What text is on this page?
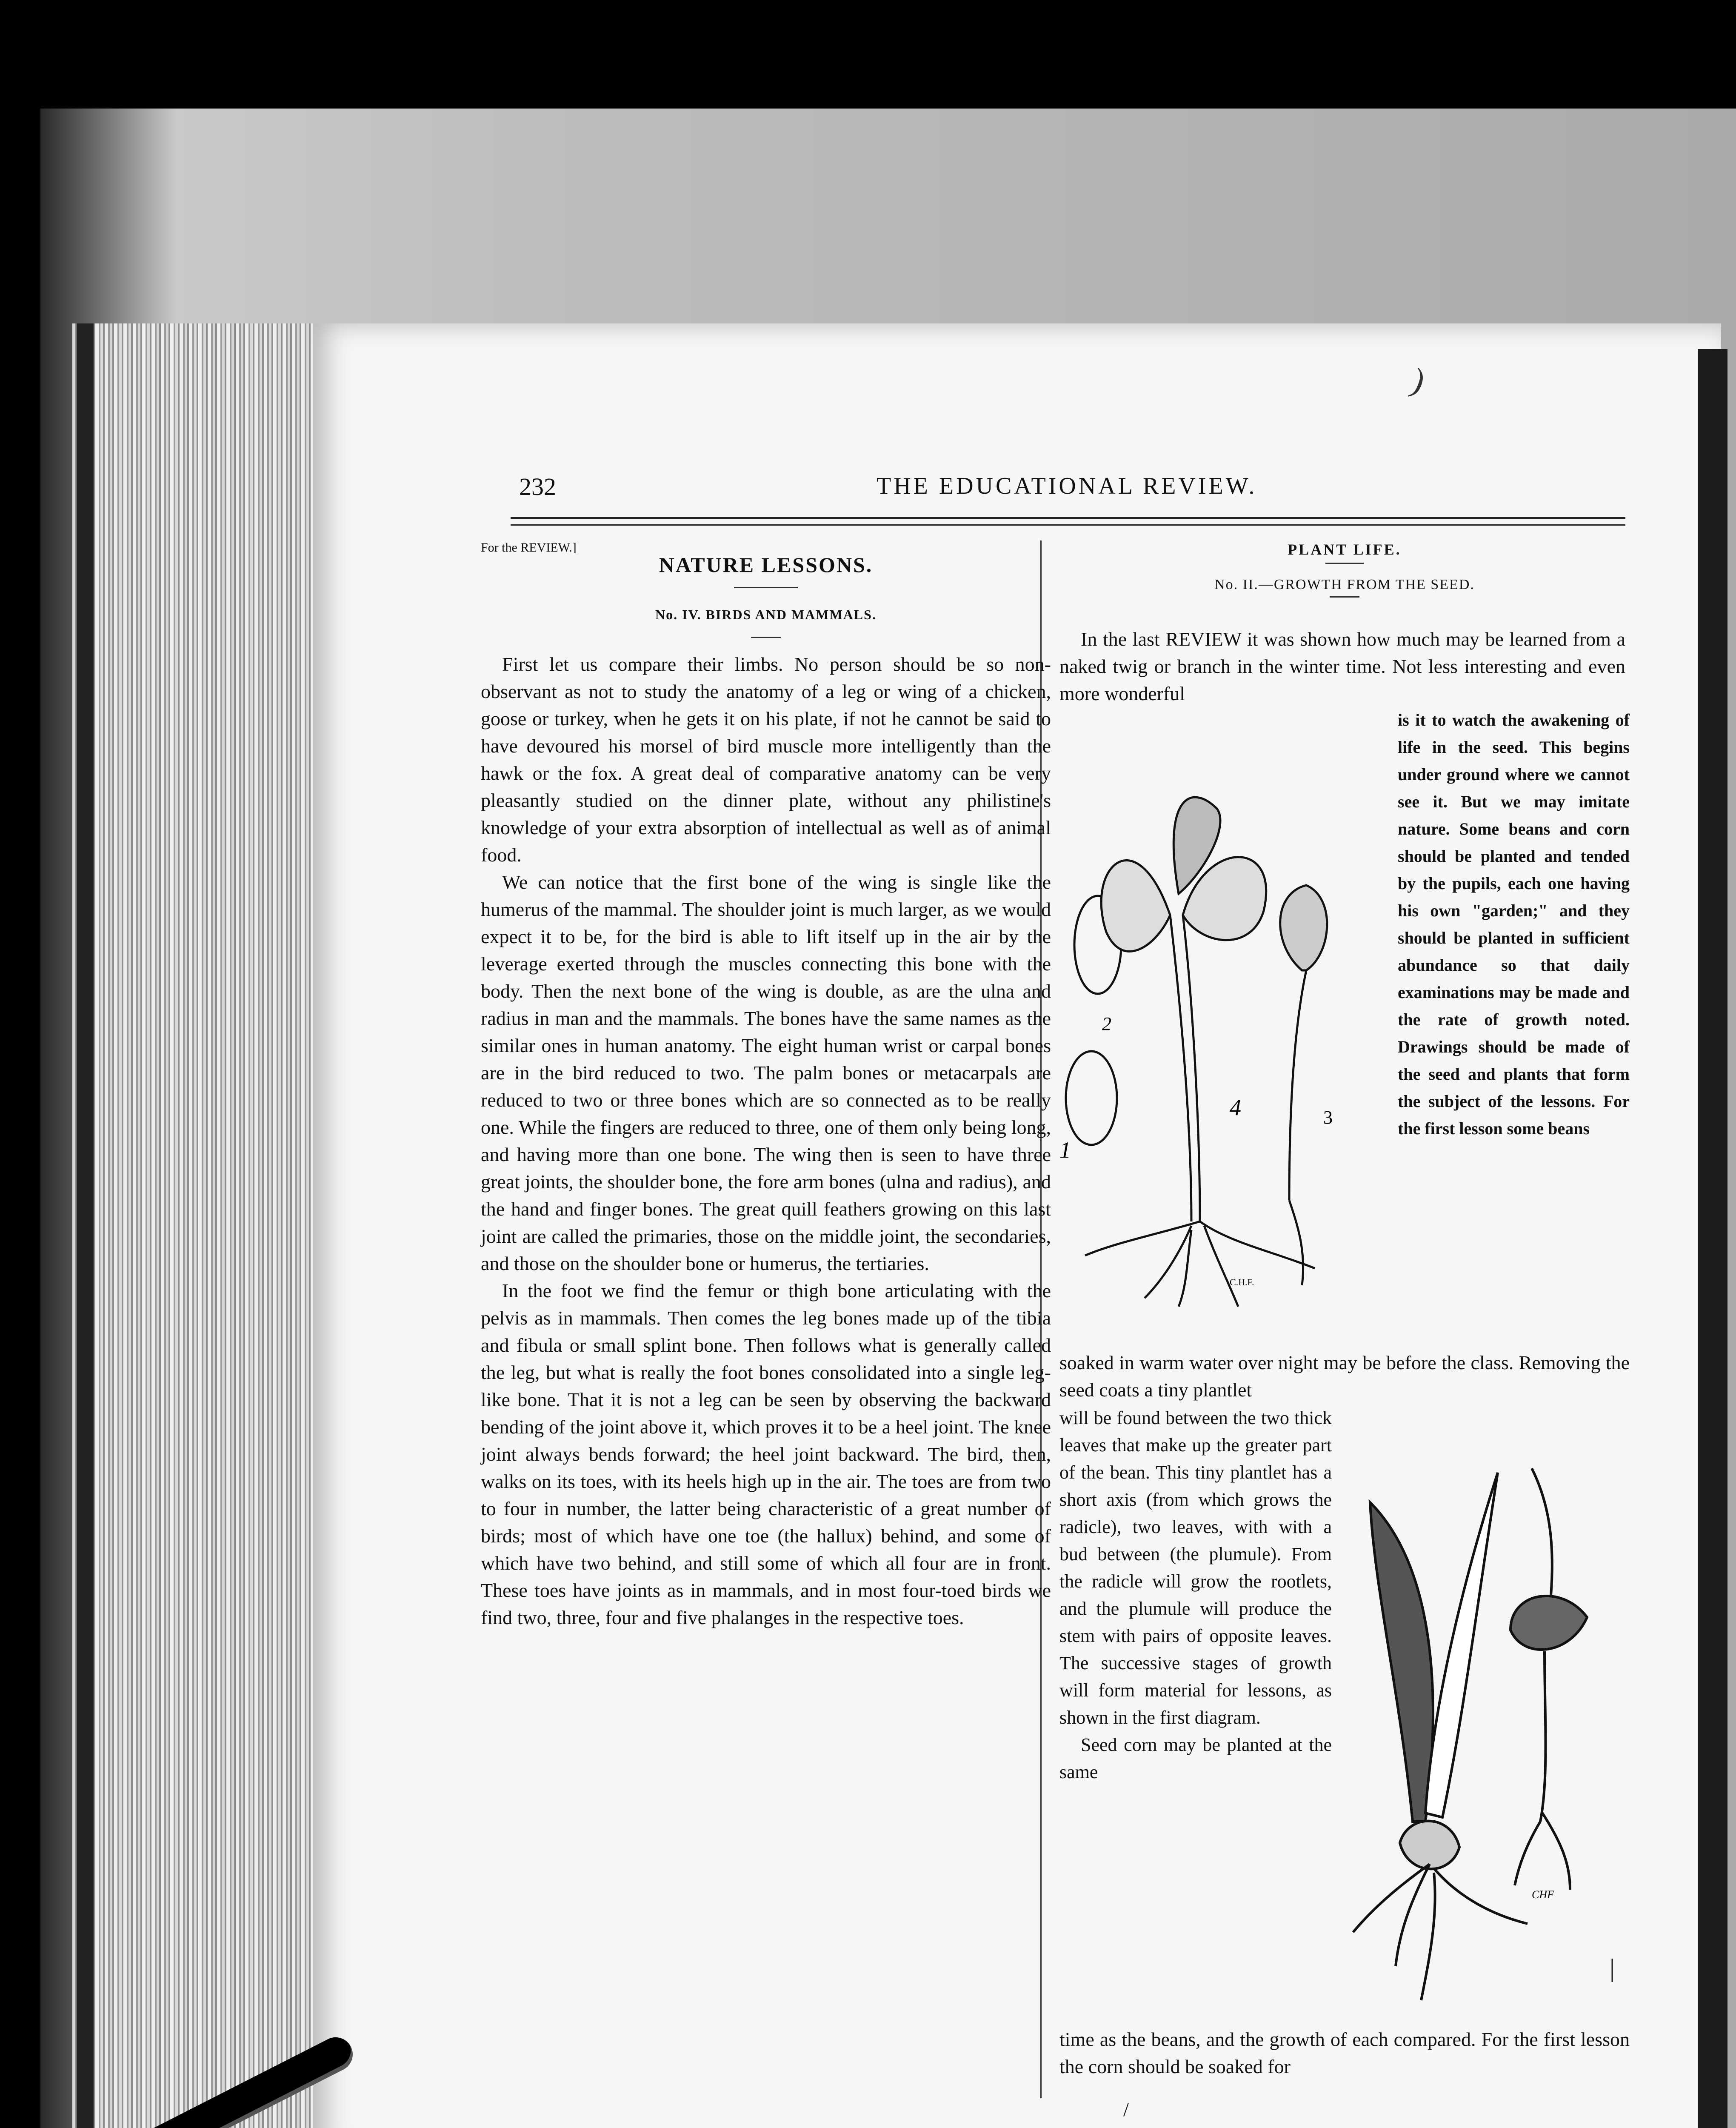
)
232	THE EDUCATIONAL REVIEW.
For the REVIEW.]
NATURE LESSONS.
No. IV. BIRDS AND MAMMALS.

First let us compare their limbs. No person should be so non-observant as not to study the anatomy of a leg or wing of a chicken, goose or turkey, when he gets it on his plate, if not he cannot be said to have devoured his morsel of bird muscle more intelligently than the hawk or the fox. A great deal of comparative anatomy can be very pleasantly studied on the dinner plate, without any philistine's knowledge of your extra absorption of intellectual as well as of animal food.

We can notice that the first bone of the wing is single like the humerus of the mammal. The shoulder joint is much larger, as we would expect it to be, for the bird is able to lift itself up in the air by the leverage exerted through the muscles connecting this bone with the body. Then the next bone of the wing is double, as are the ulna and radius in man and the mammals. The bones have the same names as the similar ones in human anatomy. The eight human wrist or carpal bones are in the bird reduced to two. The palm bones or metacarpals are reduced to two or three bones which are so connected as to be really one. While the fingers are reduced to three, one of them only being long, and having more than one bone. The wing then is seen to have three great joints, the shoulder bone, the fore arm bones (ulna and radius), and the hand and finger bones. The great quill feathers growing on this last joint are called the primaries, those on the middle joint, the secondaries, and those on the shoulder bone or humerus, the tertiaries.

In the foot we find the femur or thigh bone articulating with the pelvis as in mammals. Then comes the leg bones made up of the tibia and fibula or small splint bone. Then follows what is generally called the leg, but what is really the foot bones consolidated into a single leg-like bone. That it is not a leg can be seen by observing the backward bending of the joint above it, which proves it to be a heel joint. The knee joint always bends forward; the heel joint backward. The bird, then, walks on its toes, with its heels high up in the air. The toes are from two to four in number, the latter being characteristic of a great number of birds; most of which have one toe (the hallux) behind, and some of which have two behind, and still some of which all four are in front. These toes have joints as in mammals, and in most four-toed birds we find two, three, four and five phalanges in the respective toes.

PLANT LIFE.
No. II.—GROWTH FROM THE SEED.

In the last REVIEW it was shown how much may be learned from a naked twig or branch in the winter time. Not less interesting and even more wonderful

is it to watch the awakening of life in the seed. This begins under ground where we cannot see it. But we may imitate nature. Some beans and corn should be planted and tended by the pupils, each one having his own "garden;" and they should be planted in sufficient abundance so that daily examinations may be made and the rate of growth noted. Drawings should be made of the seed and plants that form the subject of the lessons. For the first lesson some beans

soaked in warm water over night may be before the class. Removing the seed coats a tiny plantlet

will be found between the two thick leaves that make up the greater part of the bean. This tiny plantlet has a short axis (from which grows the radicle), two leaves, with with a bud between (the plumule). From the radicle will grow the rootlets, and the plumule will produce the stem with pairs of opposite leaves. The successive stages of growth will form material for lessons, as shown in the first diagram.

Seed corn may be planted at the same

time as the beans, and the growth of each compared. For the first lesson the corn should be soaked for

2
1
4	3
C.H.F.
CHF
|
/
